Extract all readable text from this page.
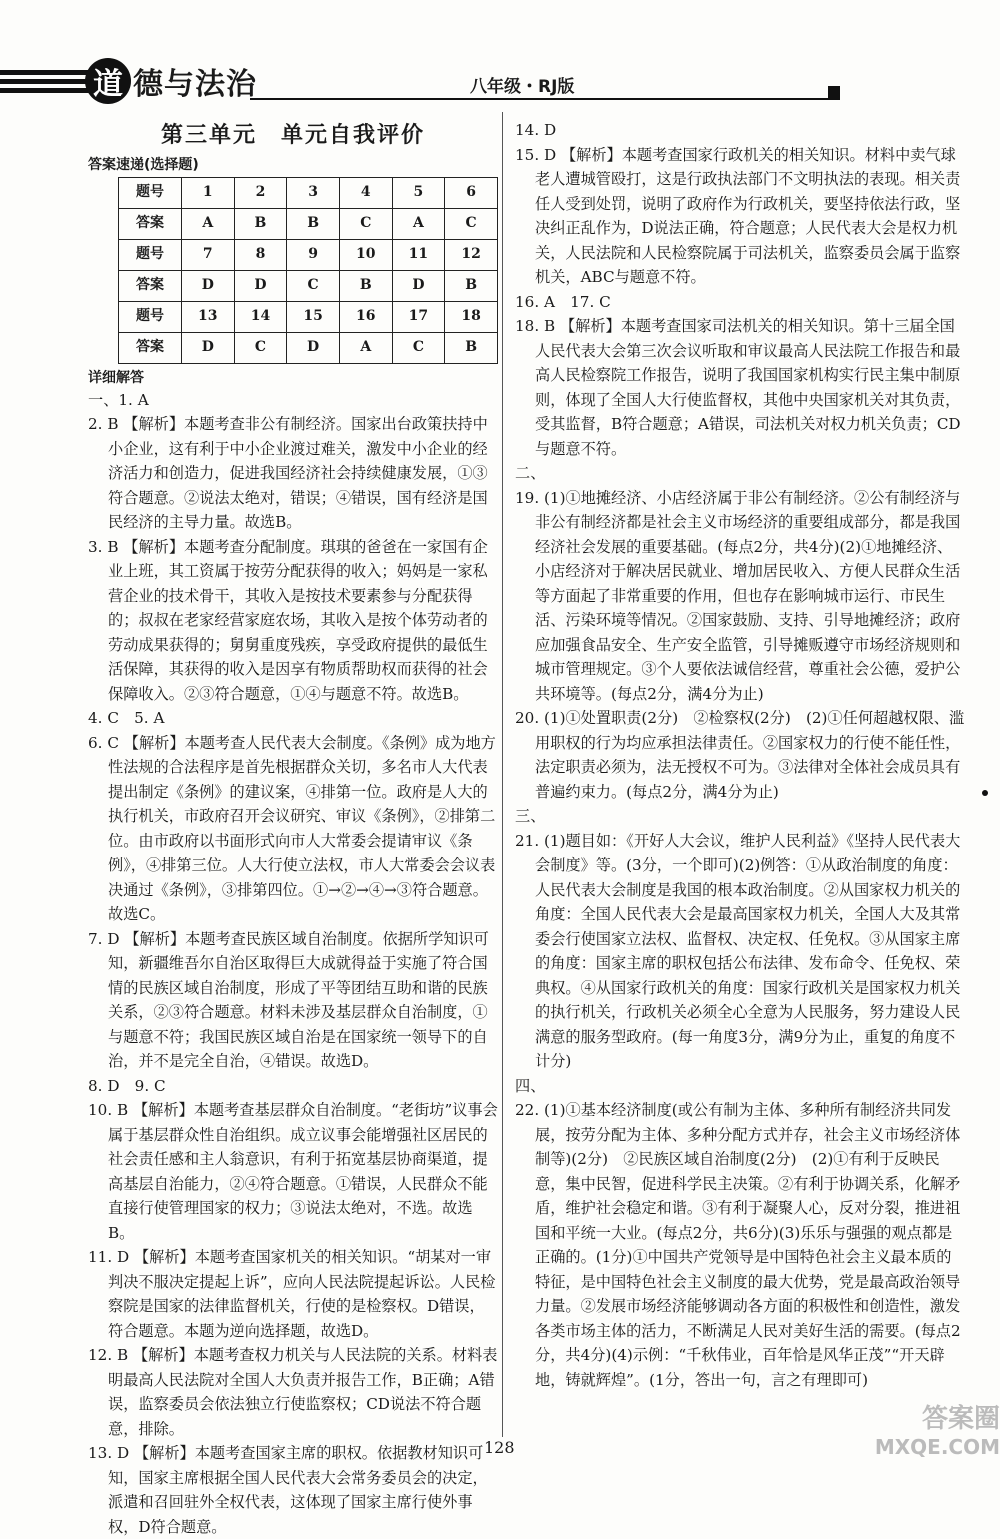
道 德与法治	八年级・RJ版
第三单元　单元自我评价
答案速递(选择题)
题号	1	2	3	4	5	6
答案	A	B	B	C	A	C
题号	7	8	9	10	11	12
答案	D	D	C	B	D	B
题号	13	14	15	16	17	18
答案	D	C	D	A	C	B
详细解答

一、1. A

2. B 【解析】本题考查非公有制经济。国家出台政策扶持中小企业，这有利于中小企业渡过难关，激发中小企业的经济活力和创造力，促进我国经济社会持续健康发展，①③符合题意。②说法太绝对，错误；④错误，国有经济是国民经济的主导力量。故选B。

3. B 【解析】本题考查分配制度。琪琪的爸爸在一家国有企业上班，其工资属于按劳分配获得的收入；妈妈是一家私营企业的技术骨干，其收入是按技术要素参与分配获得的；叔叔在老家经营家庭农场，其收入是按个体劳动者的劳动成果获得的；舅舅重度残疾，享受政府提供的最低生活保障，其获得的收入是因享有物质帮助权而获得的社会保障收入。②③符合题意，①④与题意不符。故选B。

4. C　5. A

6. C 【解析】本题考查人民代表大会制度。《条例》成为地方性法规的合法程序是首先根据群众关切，多名市人大代表提出制定《条例》的建议案，④排第一位。政府是人大的执行机关，市政府召开会议研究、审议《条例》，②排第二位。由市政府以书面形式向市人大常委会提请审议《条例》，④排第三位。人大行使立法权，市人大常委会会议表决通过《条例》，③排第四位。①→②→④→③符合题意。故选C。

7. D 【解析】本题考查民族区域自治制度。依据所学知识可知，新疆维吾尔自治区取得巨大成就得益于实施了符合国情的民族区域自治制度，形成了平等团结互助和谐的民族关系，②③符合题意。材料未涉及基层群众自治制度，①与题意不符；我国民族区域自治是在国家统一领导下的自治，并不是完全自治，④错误。故选D。

8. D　9. C

10. B 【解析】本题考查基层群众自治制度。“老街坊”议事会属于基层群众性自治组织。成立议事会能增强社区居民的社会责任感和主人翁意识，有利于拓宽基层协商渠道，提高基层自治能力，②④符合题意。①错误，人民群众不能直接行使管理国家的权力；③说法太绝对，不选。故选B。

11. D 【解析】本题考查国家机关的相关知识。“胡某对一审判决不服决定提起上诉”，应向人民法院提起诉讼。人民检察院是国家的法律监督机关，行使的是检察权。D错误，符合题意。本题为逆向选择题，故选D。

12. B 【解析】本题考查权力机关与人民法院的关系。材料表明最高人民法院对全国人大负责并报告工作，B正确；A错误，监察委员会依法独立行使监察权；CD说法不符合题意，排除。

13. D 【解析】本题考查国家主席的职权。依据教材知识可知，国家主席根据全国人民代表大会常务委员会的决定，派遣和召回驻外全权代表，这体现了国家主席行使外事权，D符合题意。

14. D

15. D 【解析】本题考查国家行政机关的相关知识。材料中卖气球老人遭城管殴打，这是行政执法部门不文明执法的表现。相关责任人受到处罚，说明了政府作为行政机关，要坚持依法行政，坚决纠正乱作为，D说法正确，符合题意；人民代表大会是权力机关，人民法院和人民检察院属于司法机关，监察委员会属于监察机关，ABC与题意不符。

16. A　17. C

18. B 【解析】本题考查国家司法机关的相关知识。第十三届全国人民代表大会第三次会议听取和审议最高人民法院工作报告和最高人民检察院工作报告，说明了我国国家机构实行民主集中制原则，体现了全国人大行使监督权，其他中央国家机关对其负责，受其监督，B符合题意；A错误，司法机关对权力机关负责；CD与题意不符。

二、

19. (1)①地摊经济、小店经济属于非公有制经济。②公有制经济与非公有制经济都是社会主义市场经济的重要组成部分，都是我国经济社会发展的重要基础。(每点2分，共4分)(2)①地摊经济、小店经济对于解决居民就业、增加居民收入、方便人民群众生活等方面起了非常重要的作用，但也存在影响城市运行、市民生活、污染环境等情况。②国家鼓励、支持、引导地摊经济；政府应加强食品安全、生产安全监管，引导摊贩遵守市场经济规则和城市管理规定。③个人要依法诚信经营，尊重社会公德，爱护公共环境等。(每点2分，满4分为止)

20. (1)①处置职责(2分)　②检察权(2分)　(2)①任何超越权限、滥用职权的行为均应承担法律责任。②国家权力的行使不能任性，法定职责必须为，法无授权不可为。③法律对全体社会成员具有普遍约束力。(每点2分，满4分为止)

三、

21. (1)题目如：《开好人大会议，维护人民利益》《坚持人民代表大会制度》等。(3分，一个即可)(2)例答：①从政治制度的角度：人民代表大会制度是我国的根本政治制度。②从国家权力机关的角度：全国人民代表大会是最高国家权力机关，全国人大及其常委会行使国家立法权、监督权、决定权、任免权。③从国家主席的角度：国家主席的职权包括公布法律、发布命令、任免权、荣典权。④从国家行政机关的角度：国家行政机关是国家权力机关的执行机关，行政机关必须全心全意为人民服务，努力建设人民满意的服务型政府。(每一角度3分，满9分为止，重复的角度不计分)

四、

22. (1)①基本经济制度(或公有制为主体、多种所有制经济共同发展，按劳分配为主体、多种分配方式并存，社会主义市场经济体制等)(2分)　②民族区域自治制度(2分)　(2)①有利于反映民意，集中民智，促进科学民主决策。②有利于协调关系，化解矛盾，维护社会稳定和谐。③有利于凝聚人心，反对分裂，推进祖国和平统一大业。(每点2分，共6分)(3)乐乐与强强的观点都是正确的。(1分)①中国共产党领导是中国特色社会主义最本质的特征，是中国特色社会主义制度的最大优势，党是最高政治领导力量。②发展市场经济能够调动各方面的积极性和创造性，激发各类市场主体的活力，不断满足人民对美好生活的需要。(每点2分，共4分)(4)示例：“千秋伟业，百年恰是风华正茂”“开天辟地，铸就辉煌”。(1分，答出一句，言之有理即可)

128
答案圈
MXQE.COM
